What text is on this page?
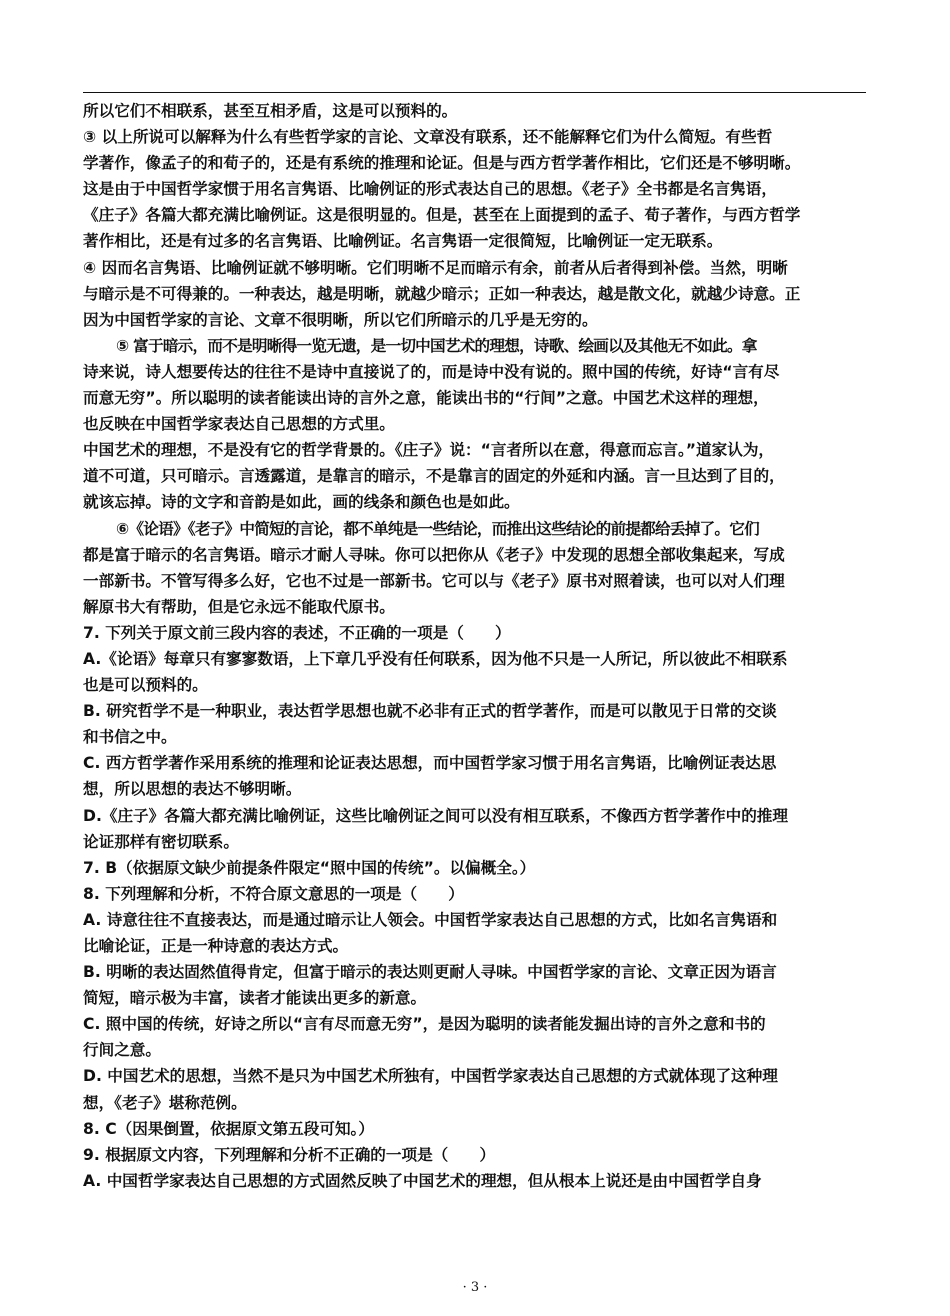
所以它们不相联系，甚至互相矛盾，这是可以预料的。
③ 以上所说可以解释为什么有些哲学家的言论、文章没有联系，还不能解释它们为什么简短。有些哲
学著作，像孟子的和荀子的，还是有系统的推理和论证。但是与西方哲学著作相比，它们还是不够明晰。
这是由于中国哲学家惯于用名言隽语、比喻例证的形式表达自己的思想。《老子》全书都是名言隽语，
《庄子》各篇大都充满比喻例证。这是很明显的。但是，甚至在上面提到的孟子、荀子著作，与西方哲学
著作相比，还是有过多的名言隽语、比喻例证。名言隽语一定很简短，比喻例证一定无联系。
④ 因而名言隽语、比喻例证就不够明晰。它们明晰不足而暗示有余，前者从后者得到补偿。当然，明晰
与暗示是不可得兼的。一种表达，越是明晰，就越少暗示；正如一种表达，越是散文化，就越少诗意。正
因为中国哲学家的言论、文章不很明晰，所以它们所暗示的几乎是无穷的。
⑤ 富于暗示，而不是明晰得一览无遗，是一切中国艺术的理想，诗歌、绘画以及其他无不如此。拿
诗来说，诗人想要传达的往往不是诗中直接说了的，而是诗中没有说的。照中国的传统，好诗“言有尽
而意无穷”。所以聪明的读者能读出诗的言外之意，能读出书的“行间”之意。中国艺术这样的理想，
也反映在中国哲学家表达自己思想的方式里。
中国艺术的理想，不是没有它的哲学背景的。《庄子》说：“言者所以在意，得意而忘言。”道家认为，
道不可道，只可暗示。言透露道，是靠言的暗示，不是靠言的固定的外延和内涵。言一旦达到了目的，
就该忘掉。诗的文字和音韵是如此，画的线条和颜色也是如此。
⑥《论语》《老子》中简短的言论，都不单纯是一些结论，而推出这些结论的前提都给丢掉了。它们
都是富于暗示的名言隽语。暗示才耐人寻味。你可以把你从《老子》中发现的思想全部收集起来，写成
一部新书。不管写得多么好，它也不过是一部新书。它可以与《老子》原书对照着读，也可以对人们理
解原书大有帮助，但是它永远不能取代原书。
7. 下列关于原文前三段内容的表述，不正确的一项是（　　）
A.《论语》每章只有寥寥数语，上下章几乎没有任何联系，因为他不只是一人所记，所以彼此不相联系
也是可以预料的。
B. 研究哲学不是一种职业，表达哲学思想也就不必非有正式的哲学著作，而是可以散见于日常的交谈
和书信之中。
C. 西方哲学著作采用系统的推理和论证表达思想，而中国哲学家习惯于用名言隽语，比喻例证表达思
想，所以思想的表达不够明晰。
D.《庄子》各篇大都充满比喻例证，这些比喻例证之间可以没有相互联系，不像西方哲学著作中的推理
论证那样有密切联系。
7. B（依据原文缺少前提条件限定“照中国的传统”。以偏概全。）
8. 下列理解和分析，不符合原文意思的一项是（　　）
A. 诗意往往不直接表达，而是通过暗示让人领会。中国哲学家表达自己思想的方式，比如名言隽语和
比喻论证，正是一种诗意的表达方式。
B. 明晰的表达固然值得肯定，但富于暗示的表达则更耐人寻味。中国哲学家的言论、文章正因为语言
简短，暗示极为丰富，读者才能读出更多的新意。
C. 照中国的传统，好诗之所以“言有尽而意无穷”，是因为聪明的读者能发掘出诗的言外之意和书的
行间之意。
D. 中国艺术的思想，当然不是只为中国艺术所独有，中国哲学家表达自己思想的方式就体现了这种理
想，《老子》堪称范例。
8. C（因果倒置，依据原文第五段可知。）
9. 根据原文内容，下列理解和分析不正确的一项是（　　）
A. 中国哲学家表达自己思想的方式固然反映了中国艺术的理想，但从根本上说还是由中国哲学自身
· 3 ·
